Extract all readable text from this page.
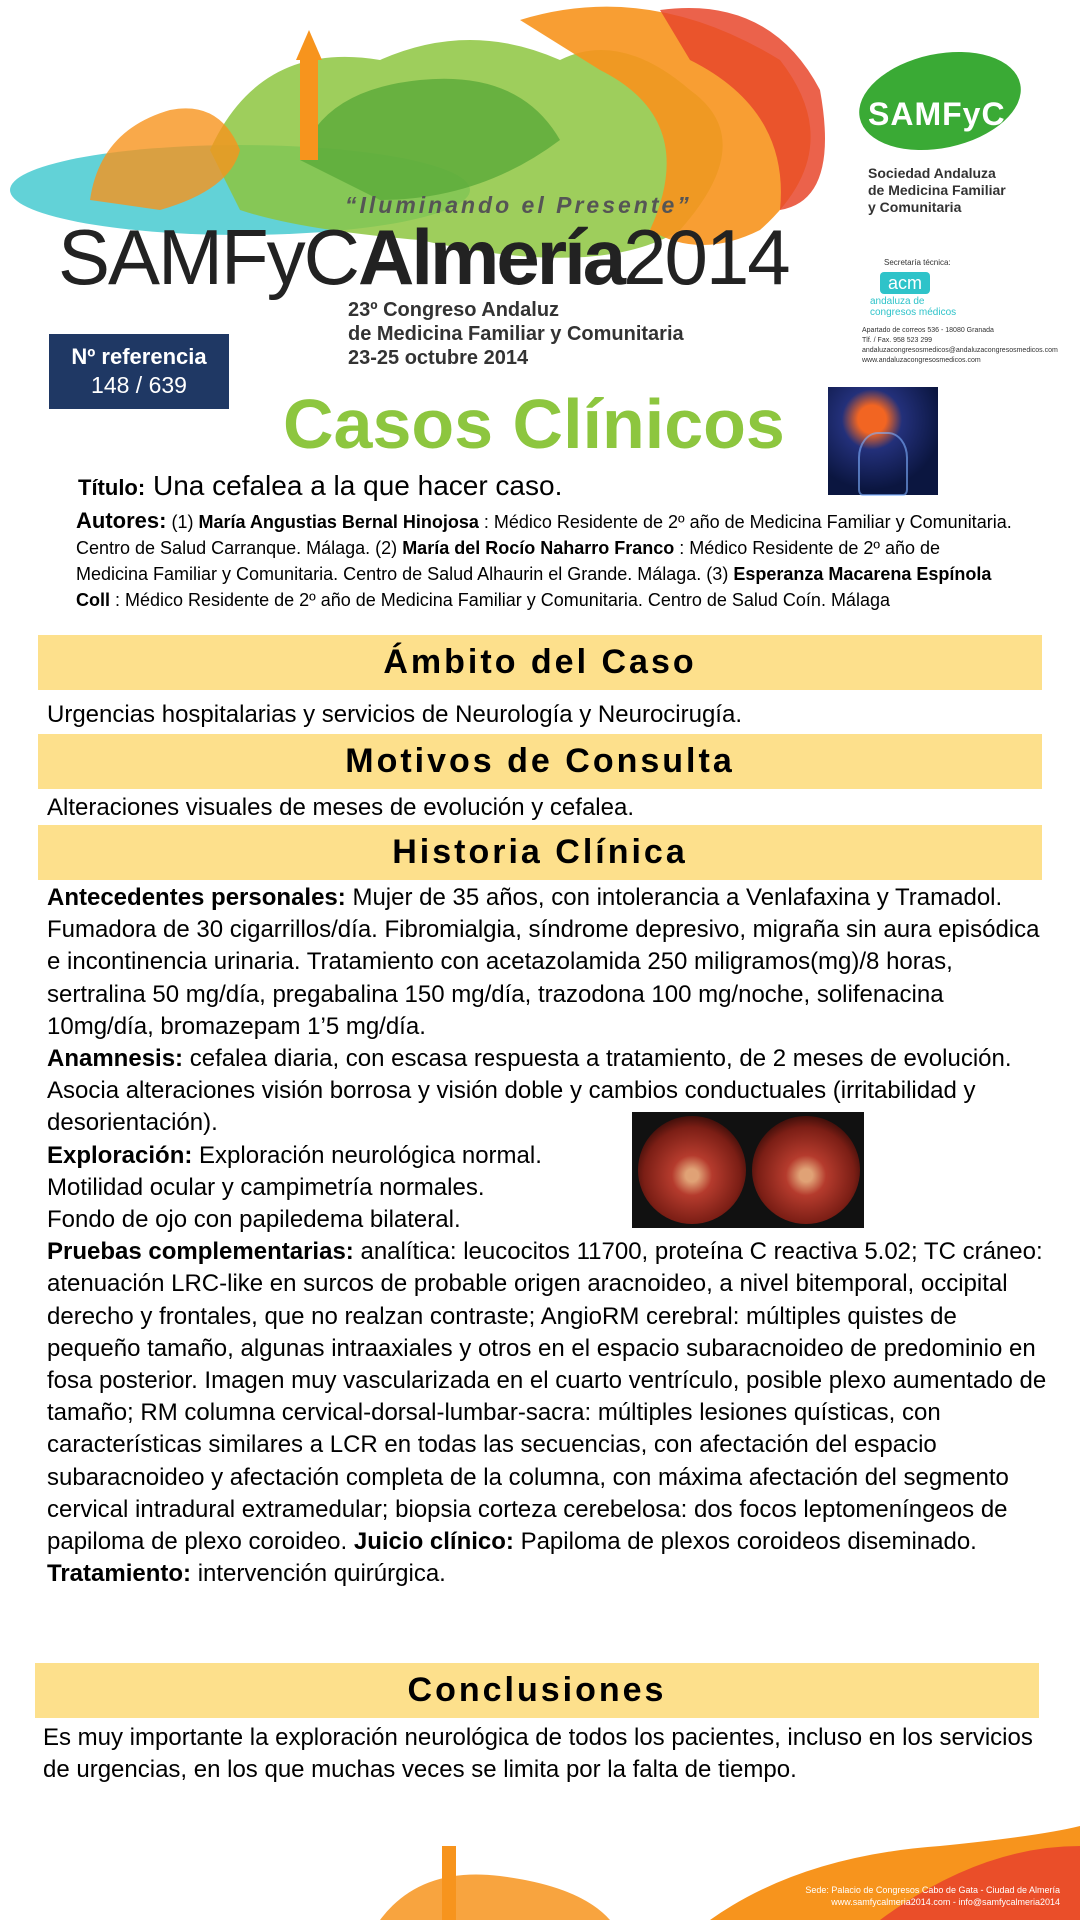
“Iluminando el Presente”
SAMFyCAlmería2014
23º Congreso Andaluz
de Medicina Familiar y Comunitaria
23-25 octubre 2014
SAMFyC
Sociedad Andaluza
de Medicina Familiar
y Comunitaria
Secretaría técnica:
acm
andaluza de
congresos médicos
Apartado de correos 536 - 18080 Granada
Tlf. / Fax. 958 523 299
andaluzacongresosmedicos@andaluzacongresosmedicos.com
www.andaluzacongresosmedicos.com
Nº referencia
148 / 639	Casos Clínicos
Título: Una cefalea a la que hacer caso.
Autores: (1) María Angustias Bernal Hinojosa : Médico Residente de 2º año de Medicina Familiar y Comunitaria. Centro de Salud Carranque. Málaga. (2) María del Rocío Naharro Franco : Médico Residente de 2º año de Medicina Familiar y Comunitaria. Centro de Salud Alhaurin el Grande. Málaga. (3) Esperanza Macarena Espínola Coll : Médico Residente de 2º año de Medicina Familiar y Comunitaria. Centro de Salud Coín. Málaga
Ámbito del Caso
Urgencias hospitalarias y servicios de Neurología y Neurocirugía.
Motivos de Consulta
Alteraciones visuales de meses de evolución y cefalea.
Historia Clínica
Antecedentes personales: Mujer de 35 años, con intolerancia a Venlafaxina y Tramadol. Fumadora de 30 cigarrillos/día. Fibromialgia, síndrome depresivo, migraña sin aura episódica e incontinencia urinaria. Tratamiento con acetazolamida 250 miligramos(mg)/8 horas, sertralina 50 mg/día, pregabalina 150 mg/día, trazodona 100 mg/noche, solifenacina 10mg/día, bromazepam 1’5 mg/día.
Anamnesis: cefalea diaria, con escasa respuesta a tratamiento, de 2 meses de evolución. Asocia alteraciones visión borrosa y visión doble y cambios conductuales (irritabilidad y desorientación).
Exploración: Exploración neurológica normal.
Motilidad ocular y campimetría normales.
Fondo de ojo con papiledema bilateral.
Pruebas complementarias: analítica: leucocitos 11700, proteína C reactiva 5.02; TC cráneo: atenuación LRC-like en surcos de probable origen aracnoideo, a nivel bitemporal, occipital derecho y frontales, que no realzan contraste; AngioRM cerebral: múltiples quistes de pequeño tamaño, algunas intraaxiales y otros en el espacio subaracnoideo de predominio en fosa posterior. Imagen muy vascularizada en el cuarto ventrículo, posible plexo aumentado de tamaño; RM columna cervical-dorsal-lumbar-sacra: múltiples lesiones quísticas, con características similares a LCR en todas las secuencias, con afectación del espacio subaracnoideo y afectación completa de la columna, con máxima afectación del segmento cervical intradural extramedular; biopsia corteza cerebelosa: dos focos leptomeníngeos de papiloma de plexo coroideo. Juicio clínico: Papiloma de plexos coroideos diseminado. Tratamiento: intervención quirúrgica.
Conclusiones
Es muy importante la exploración neurológica de todos los pacientes, incluso en los servicios de urgencias, en los que muchas veces se limita por la falta de tiempo.
Sede: Palacio de Congresos Cabo de Gata - Ciudad de Almería
www.samfycalmeria2014.com - info@samfycalmeria2014
